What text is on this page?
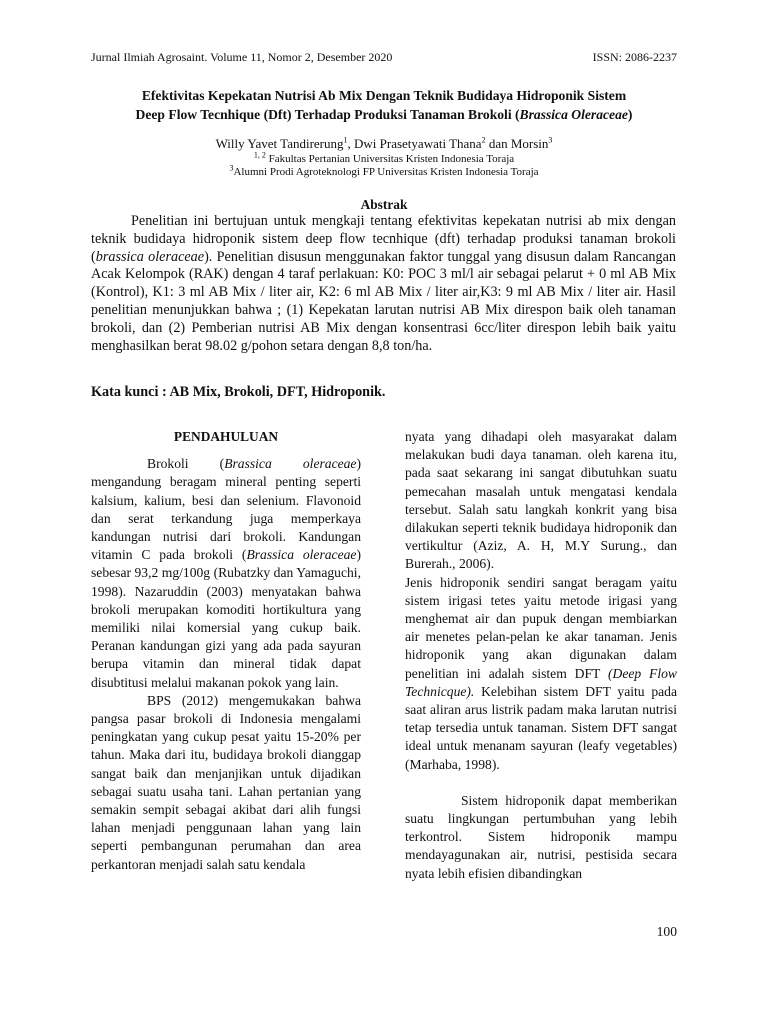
Jurnal Ilmiah Agrosaint. Volume 11, Nomor 2, Desember 2020	ISSN: 2086-2237
Efektivitas Kepekatan Nutrisi Ab Mix Dengan Teknik Budidaya Hidroponik Sistem
Deep Flow Tecnhique (Dft) Terhadap Produksi Tanaman Brokoli (Brassica Oleraceae)
Willy Yavet Tandirerung$^1$, Dwi Prasetyawati Thana$^2$ dan Morsin$^3$
$^{1, 2}$ Fakultas Pertanian Universitas Kristen Indonesia Toraja
$^3$Alumni Prodi Agroteknologi FP Universitas Kristen Indonesia Toraja
Abstrak

Penelitian ini bertujuan untuk mengkaji tentang efektivitas kepekatan nutrisi ab mix dengan teknik budidaya hidroponik sistem deep flow tecnhique (dft) terhadap produksi tanaman brokoli (brassica oleraceae). Penelitian disusun menggunakan faktor tunggal yang disusun dalam Rancangan Acak Kelompok (RAK) dengan 4 taraf perlakuan: K0: POC 3 ml/l air sebagai pelarut + 0 ml AB Mix (Kontrol), K1: 3 ml AB Mix / liter air, K2: 6 ml AB Mix / liter air,K3: 9 ml AB Mix / liter air. Hasil penelitian menunjukkan bahwa ; (1) Kepekatan larutan nutrisi AB Mix direspon baik oleh tanaman brokoli, dan (2) Pemberian nutrisi AB Mix dengan konsentrasi 6cc/liter direspon lebih baik yaitu menghasilkan berat 98.02 g/pohon setara dengan 8,8 ton/ha.

Kata kunci : AB Mix, Brokoli, DFT, Hidroponik.
PENDAHULUAN

Brokoli (Brassica oleraceae) mengandung beragam mineral penting seperti kalsium, kalium, besi dan selenium. Flavonoid dan serat terkandung juga memperkaya kandungan nutrisi dari brokoli. Kandungan vitamin C pada brokoli (Brassica oleraceae) sebesar 93,2 mg/100g (Rubatzky dan Yamaguchi, 1998). Nazaruddin (2003) menyatakan bahwa brokoli merupakan komoditi hortikultura yang memiliki nilai komersial yang cukup baik. Peranan kandungan gizi yang ada pada sayuran berupa vitamin dan mineral tidak dapat disubtitusi melalui makanan pokok yang lain.

BPS (2012) mengemukakan bahwa pangsa pasar brokoli di Indonesia mengalami peningkatan yang cukup pesat yaitu 15-20% per tahun. Maka dari itu, budidaya brokoli dianggap sangat baik dan menjanjikan untuk dijadikan sebagai suatu usaha tani. Lahan pertanian yang semakin sempit sebagai akibat dari alih fungsi lahan menjadi penggunaan lahan yang lain seperti pembangunan perumahan dan area perkantoran menjadi salah satu kendala

nyata yang dihadapi oleh masyarakat dalam melakukan budi daya tanaman. oleh karena itu, pada saat sekarang ini sangat dibutuhkan suatu pemecahan masalah untuk mengatasi kendala tersebut. Salah satu langkah konkrit yang bisa dilakukan seperti teknik budidaya hidroponik dan vertikultur (Aziz, A. H, M.Y Surung., dan Burerah., 2006).

Jenis hidroponik sendiri sangat beragam yaitu sistem irigasi tetes yaitu metode irigasi yang menghemat air dan pupuk dengan membiarkan air menetes pelan-pelan ke akar tanaman. Jenis hidroponik yang akan digunakan dalam penelitian ini adalah sistem DFT (Deep Flow Technicque). Kelebihan sistem DFT yaitu pada saat aliran arus listrik padam maka larutan nutrisi tetap tersedia untuk tanaman. Sistem DFT sangat ideal untuk menanam sayuran (leafy vegetables) (Marhaba, 1998).

Sistem hidroponik dapat memberikan suatu lingkungan pertumbuhan yang lebih terkontrol. Sistem hidroponik mampu mendayagunakan air, nutrisi, pestisida secara nyata lebih efisien dibandingkan

100
